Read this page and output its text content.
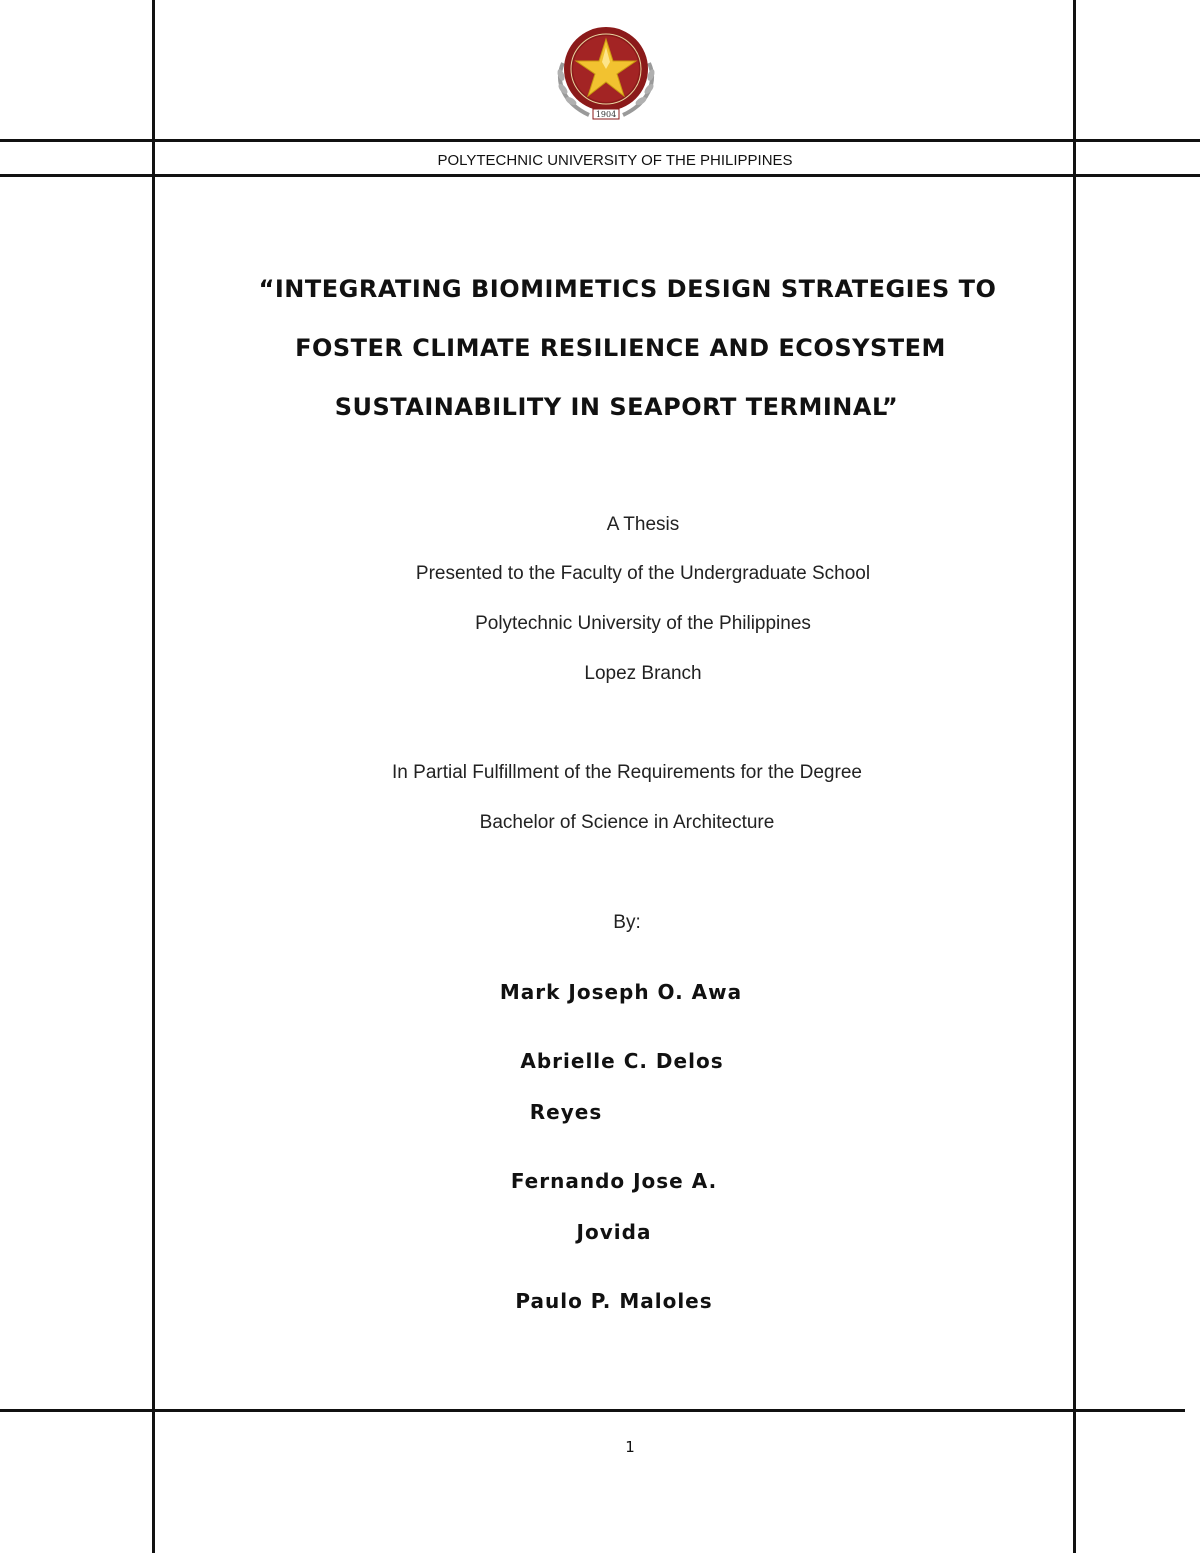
1904
POLYTECHNIC UNIVERSITY OF THE PHILIPPINES
“INTEGRATING BIOMIMETICS DESIGN STRATEGIES TO
FOSTER CLIMATE RESILIENCE AND ECOSYSTEM
SUSTAINABILITY IN SEAPORT TERMINAL”
A Thesis
Presented to the Faculty of the Undergraduate School
Polytechnic University of the Philippines
Lopez Branch
In Partial Fulfillment of the Requirements for the Degree
Bachelor of Science in Architecture
By:
Mark Joseph O. Awa
Abrielle C. Delos
Reyes
Fernando Jose A.
Jovida
Paulo P. Maloles
1
